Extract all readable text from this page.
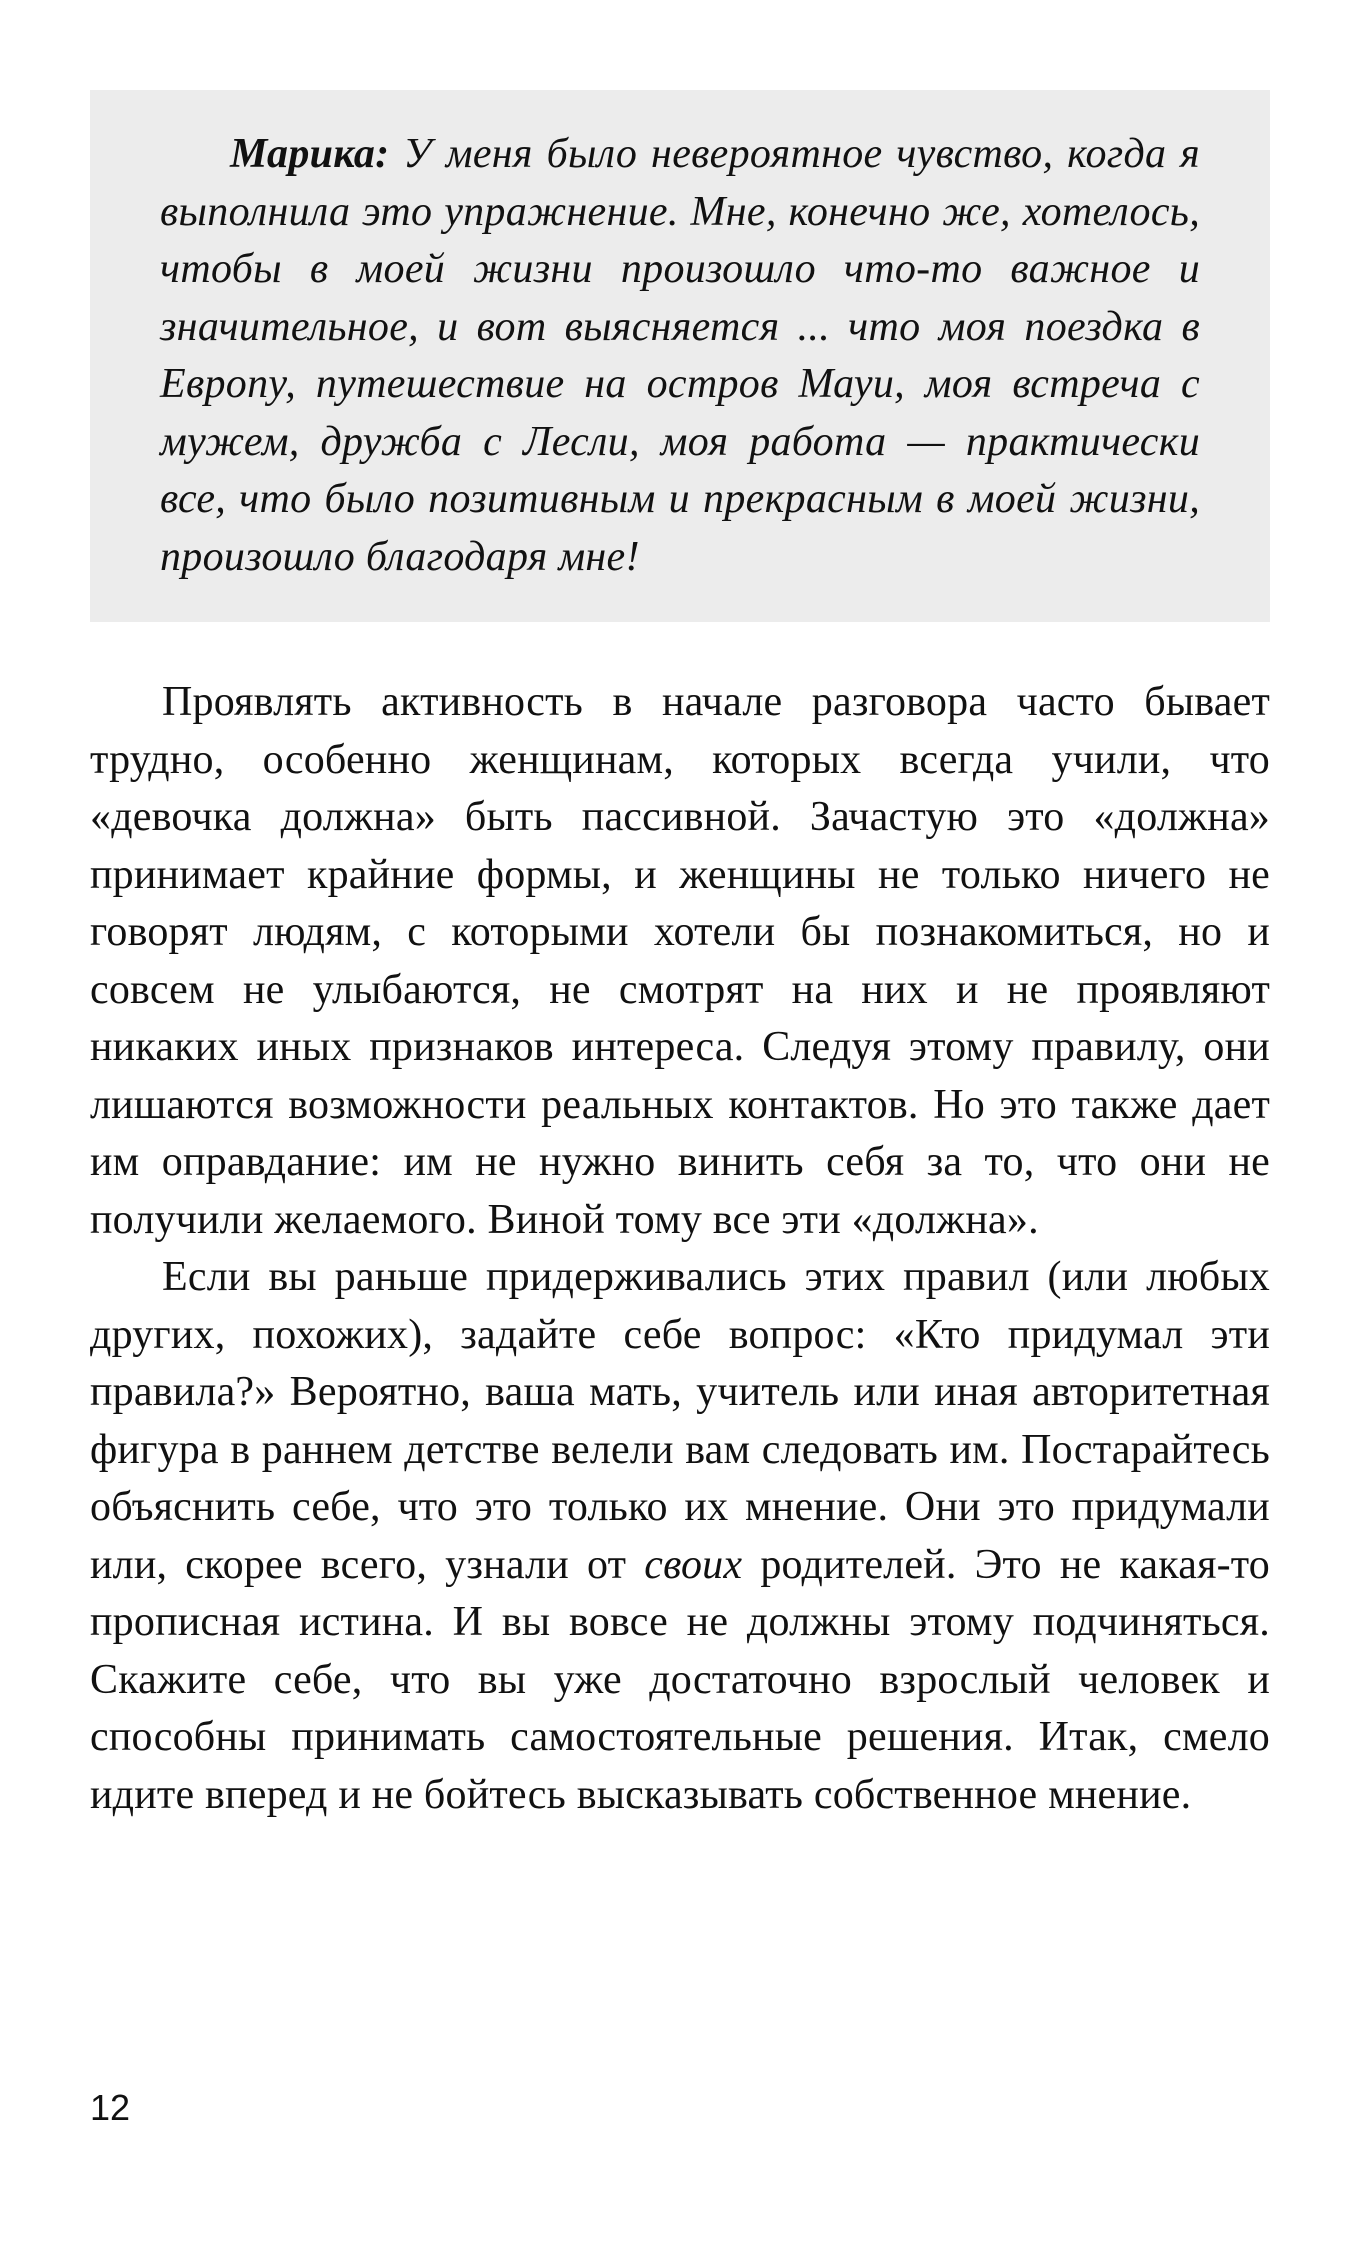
Марика: У меня было невероятное чувство, когда я выполнила это упражнение. Мне, конечно же, хотелось, чтобы в моей жизни произошло что-то важное и значительное, и вот выясняется ... что моя поездка в Европу, путешествие на остров Мауи, моя встреча с мужем, дружба с Лесли, моя работа — практически все, что было позитивным и прекрасным в моей жизни, произошло благодаря мне!

Проявлять активность в начале разговора часто бывает трудно, особенно женщинам, которых всегда учили, что «девочка должна» быть пассивной. Зачастую это «должна» принимает крайние формы, и женщины не только ничего не говорят людям, с которыми хотели бы познакомиться, но и совсем не улыбаются, не смотрят на них и не проявляют никаких иных признаков интереса. Следуя этому правилу, они лишаются возможности реальных контактов. Но это также дает им оправдание: им не нужно винить себя за то, что они не получили желаемого. Виной тому все эти «должна».

Если вы раньше придерживались этих правил (или любых других, похожих), задайте себе вопрос: «Кто придумал эти правила?» Вероятно, ваша мать, учитель или иная авторитетная фигура в раннем детстве велели вам следовать им. Постарайтесь объяснить себе, что это только их мнение. Они это придумали или, скорее всего, узнали от своих родителей. Это не какая-то прописная истина. И вы вовсе не должны этому подчиняться. Скажите себе, что вы уже достаточно взрослый человек и способны принимать самостоятельные решения. Итак, смело идите вперед и не бойтесь высказывать собственное мнение.

12
